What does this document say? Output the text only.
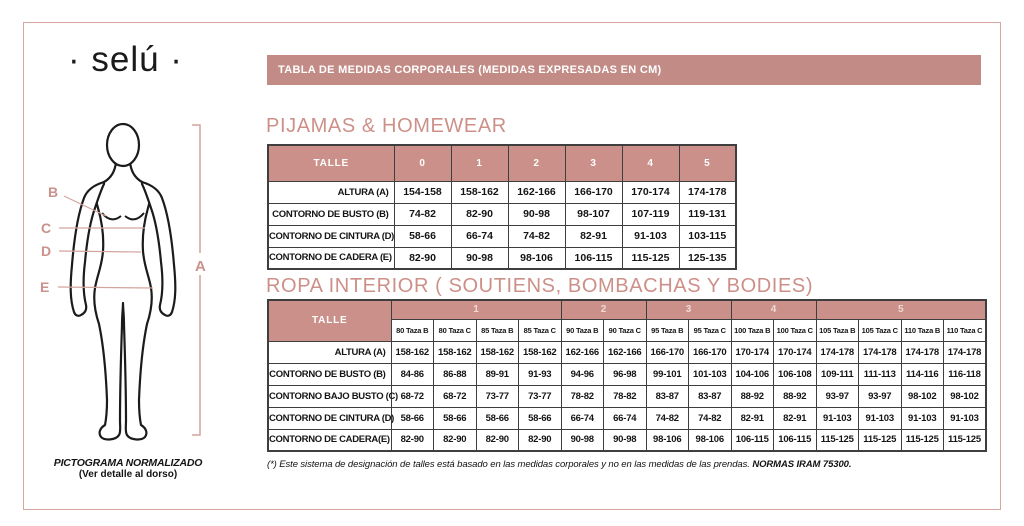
· selú ·	TABLA DE MEDIDAS CORPORALES (MEDIDAS EXPRESADAS EN CM)
A
B
C
D
E
PICTOGRAMA NORMALIZADO
(Ver detalle al dorso)
PIJAMAS & HOMEWEAR
TALLE	0	1	2	3	4	5
ALTURA (A)	154-158	158-162	162-166	166-170	170-174	174-178
CONTORNO DE BUSTO (B)	74-82	82-90	90-98	98-107	107-119	119-131
CONTORNO DE CINTURA (D)	58-66	66-74	74-82	82-91	91-103	103-115
CONTORNO DE CADERA (E)	82-90	90-98	98-106	106-115	115-125	125-135
ROPA INTERIOR ( SOUTIENS, BOMBACHAS Y BODIES)
TALLE	1				2		3		4		5			
	80 Taza B	80 Taza C	85 Taza B	85 Taza C	90 Taza B	90 Taza C	95 Taza B	95 Taza C	100 Taza B	100 Taza C	105 Taza B	105 Taza C	110 Taza B	110 Taza C
ALTURA (A)	158-162	158-162	158-162	158-162	162-166	162-166	166-170	166-170	170-174	170-174	174-178	174-178	174-178	174-178
CONTORNO DE BUSTO (B)	84-86	86-88	89-91	91-93	94-96	96-98	99-101	101-103	104-106	106-108	109-111	111-113	114-116	116-118
CONTORNO BAJO BUSTO (C)	68-72	68-72	73-77	73-77	78-82	78-82	83-87	83-87	88-92	88-92	93-97	93-97	98-102	98-102
CONTORNO DE CINTURA (D)	58-66	58-66	58-66	58-66	66-74	66-74	74-82	74-82	82-91	82-91	91-103	91-103	91-103	91-103
CONTORNO DE CADERA(E)	82-90	82-90	82-90	82-90	90-98	90-98	98-106	98-106	106-115	106-115	115-125	115-125	115-125	115-125
(*) Este sistema de designación de talles está basado en las medidas corporales y no en las medidas de las prendas. NORMAS IRAM 75300.
